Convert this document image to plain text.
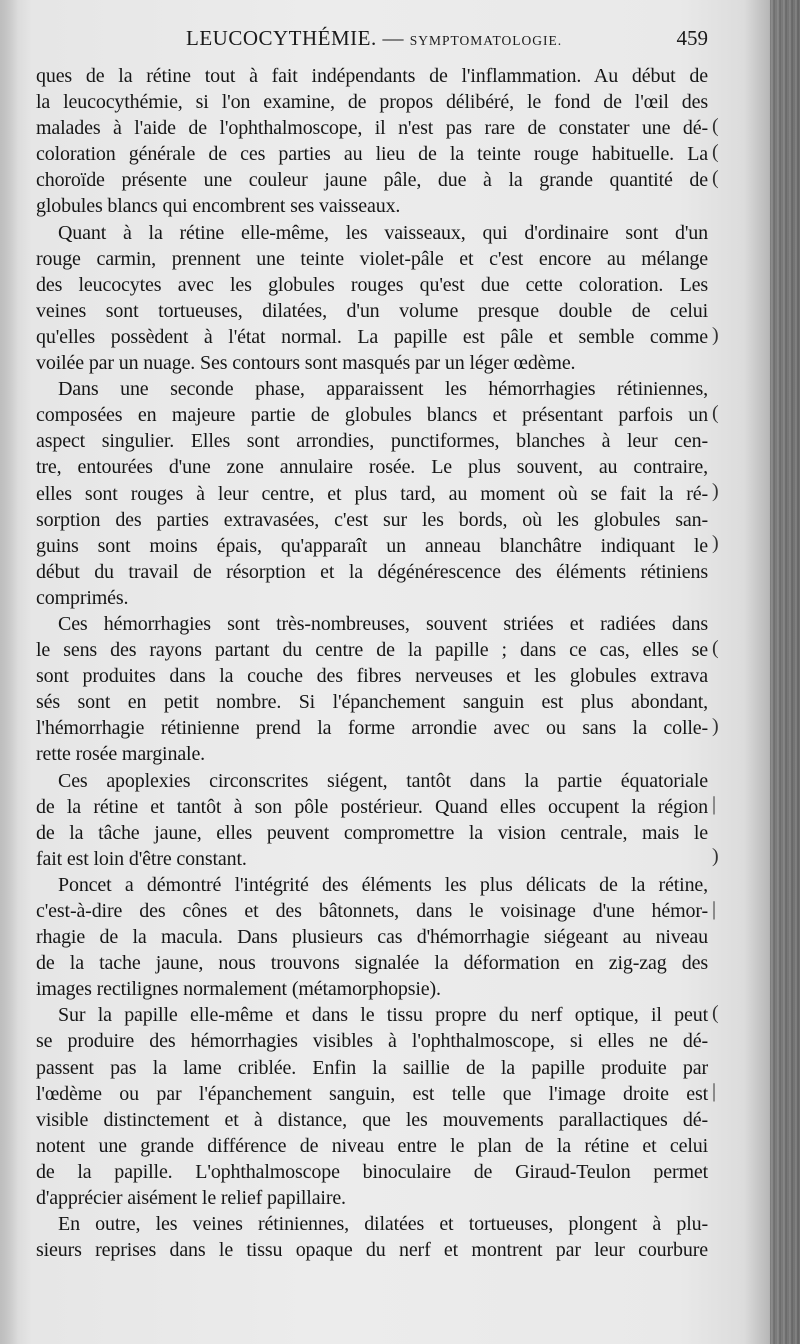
LEUCOCYTHÉMIE. — SYMPTOMATOLOGIE.	459
ques de la rétine tout à fait indépendants de l'inflammation. Au début de
la leucocythémie, si l'on examine, de propos délibéré, le fond de l'œil des
malades à l'aide de l'ophthalmoscope, il n'est pas rare de constater une dé-
coloration générale de ces parties au lieu de la teinte rouge habituelle. La
choroïde présente une couleur jaune pâle, due à la grande quantité de
globules blancs qui encombrent ses vaisseaux.
Quant à la rétine elle-même, les vaisseaux, qui d'ordinaire sont d'un
rouge carmin, prennent une teinte violet-pâle et c'est encore au mélange
des leucocytes avec les globules rouges qu'est due cette coloration. Les
veines sont tortueuses, dilatées, d'un volume presque double de celui
qu'elles possèdent à l'état normal. La papille est pâle et semble comme
voilée par un nuage. Ses contours sont masqués par un léger œdème.
Dans une seconde phase, apparaissent les hémorrhagies rétiniennes,
composées en majeure partie de globules blancs et présentant parfois un
aspect singulier. Elles sont arrondies, punctiformes, blanches à leur cen-
tre, entourées d'une zone annulaire rosée. Le plus souvent, au contraire,
elles sont rouges à leur centre, et plus tard, au moment où se fait la ré-
sorption des parties extravasées, c'est sur les bords, où les globules san-
guins sont moins épais, qu'apparaît un anneau blanchâtre indiquant le
début du travail de résorption et la dégénérescence des éléments rétiniens
comprimés.
Ces hémorrhagies sont très-nombreuses, souvent striées et radiées dans
le sens des rayons partant du centre de la papille ; dans ce cas, elles se
sont produites dans la couche des fibres nerveuses et les globules extrava
sés sont en petit nombre. Si l'épanchement sanguin est plus abondant,
l'hémorrhagie rétinienne prend la forme arrondie avec ou sans la colle-
rette rosée marginale.
Ces apoplexies circonscrites siégent, tantôt dans la partie équatoriale
de la rétine et tantôt à son pôle postérieur. Quand elles occupent la région
de la tâche jaune, elles peuvent compromettre la vision centrale, mais le
fait est loin d'être constant.
Poncet a démontré l'intégrité des éléments les plus délicats de la rétine,
c'est-à-dire des cônes et des bâtonnets, dans le voisinage d'une hémor-
rhagie de la macula. Dans plusieurs cas d'hémorrhagie siégeant au niveau
de la tache jaune, nous trouvons signalée la déformation en zig-zag des
images rectilignes normalement (métamorphopsie).
Sur la papille elle-même et dans le tissu propre du nerf optique, il peut
se produire des hémorrhagies visibles à l'ophthalmoscope, si elles ne dé-
passent pas la lame criblée. Enfin la saillie de la papille produite par
l'œdème ou par l'épanchement sanguin, est telle que l'image droite est
visible distinctement et à distance, que les mouvements parallactiques dé-
notent une grande différence de niveau entre le plan de la rétine et celui
de la papille. L'ophthalmoscope binoculaire de Giraud-Teulon permet
d'apprécier aisément le relief papillaire.
En outre, les veines rétiniennes, dilatées et tortueuses, plongent à plu-
sieurs reprises dans le tissu opaque du nerf et montrent par leur courbure
(
(
(
)
(
)
)
(
)
|
)
|
(
|
